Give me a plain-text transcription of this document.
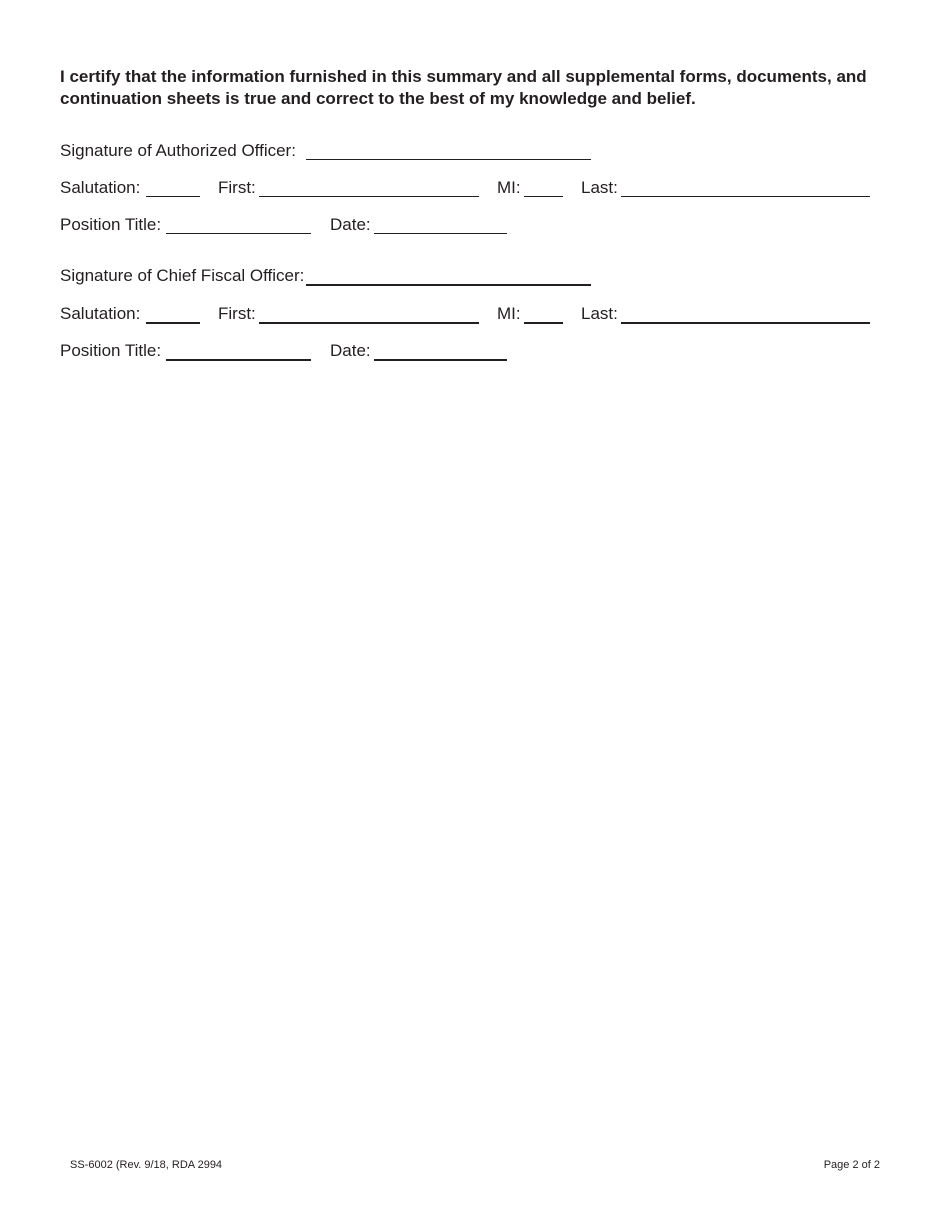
I certify that the information furnished in this summary and all supplemental forms, documents, and continuation sheets is true and correct to the best of my knowledge and belief.
Signature of Authorized Officer:
Salutation:	First:	MI:	Last:
Position Title:	Date:
Signature of Chief Fiscal Officer:
Salutation:	First:	MI:	Last:
Position Title:	Date:
SS-6002 (Rev. 9/18, RDA 2994	Page 2 of 2
